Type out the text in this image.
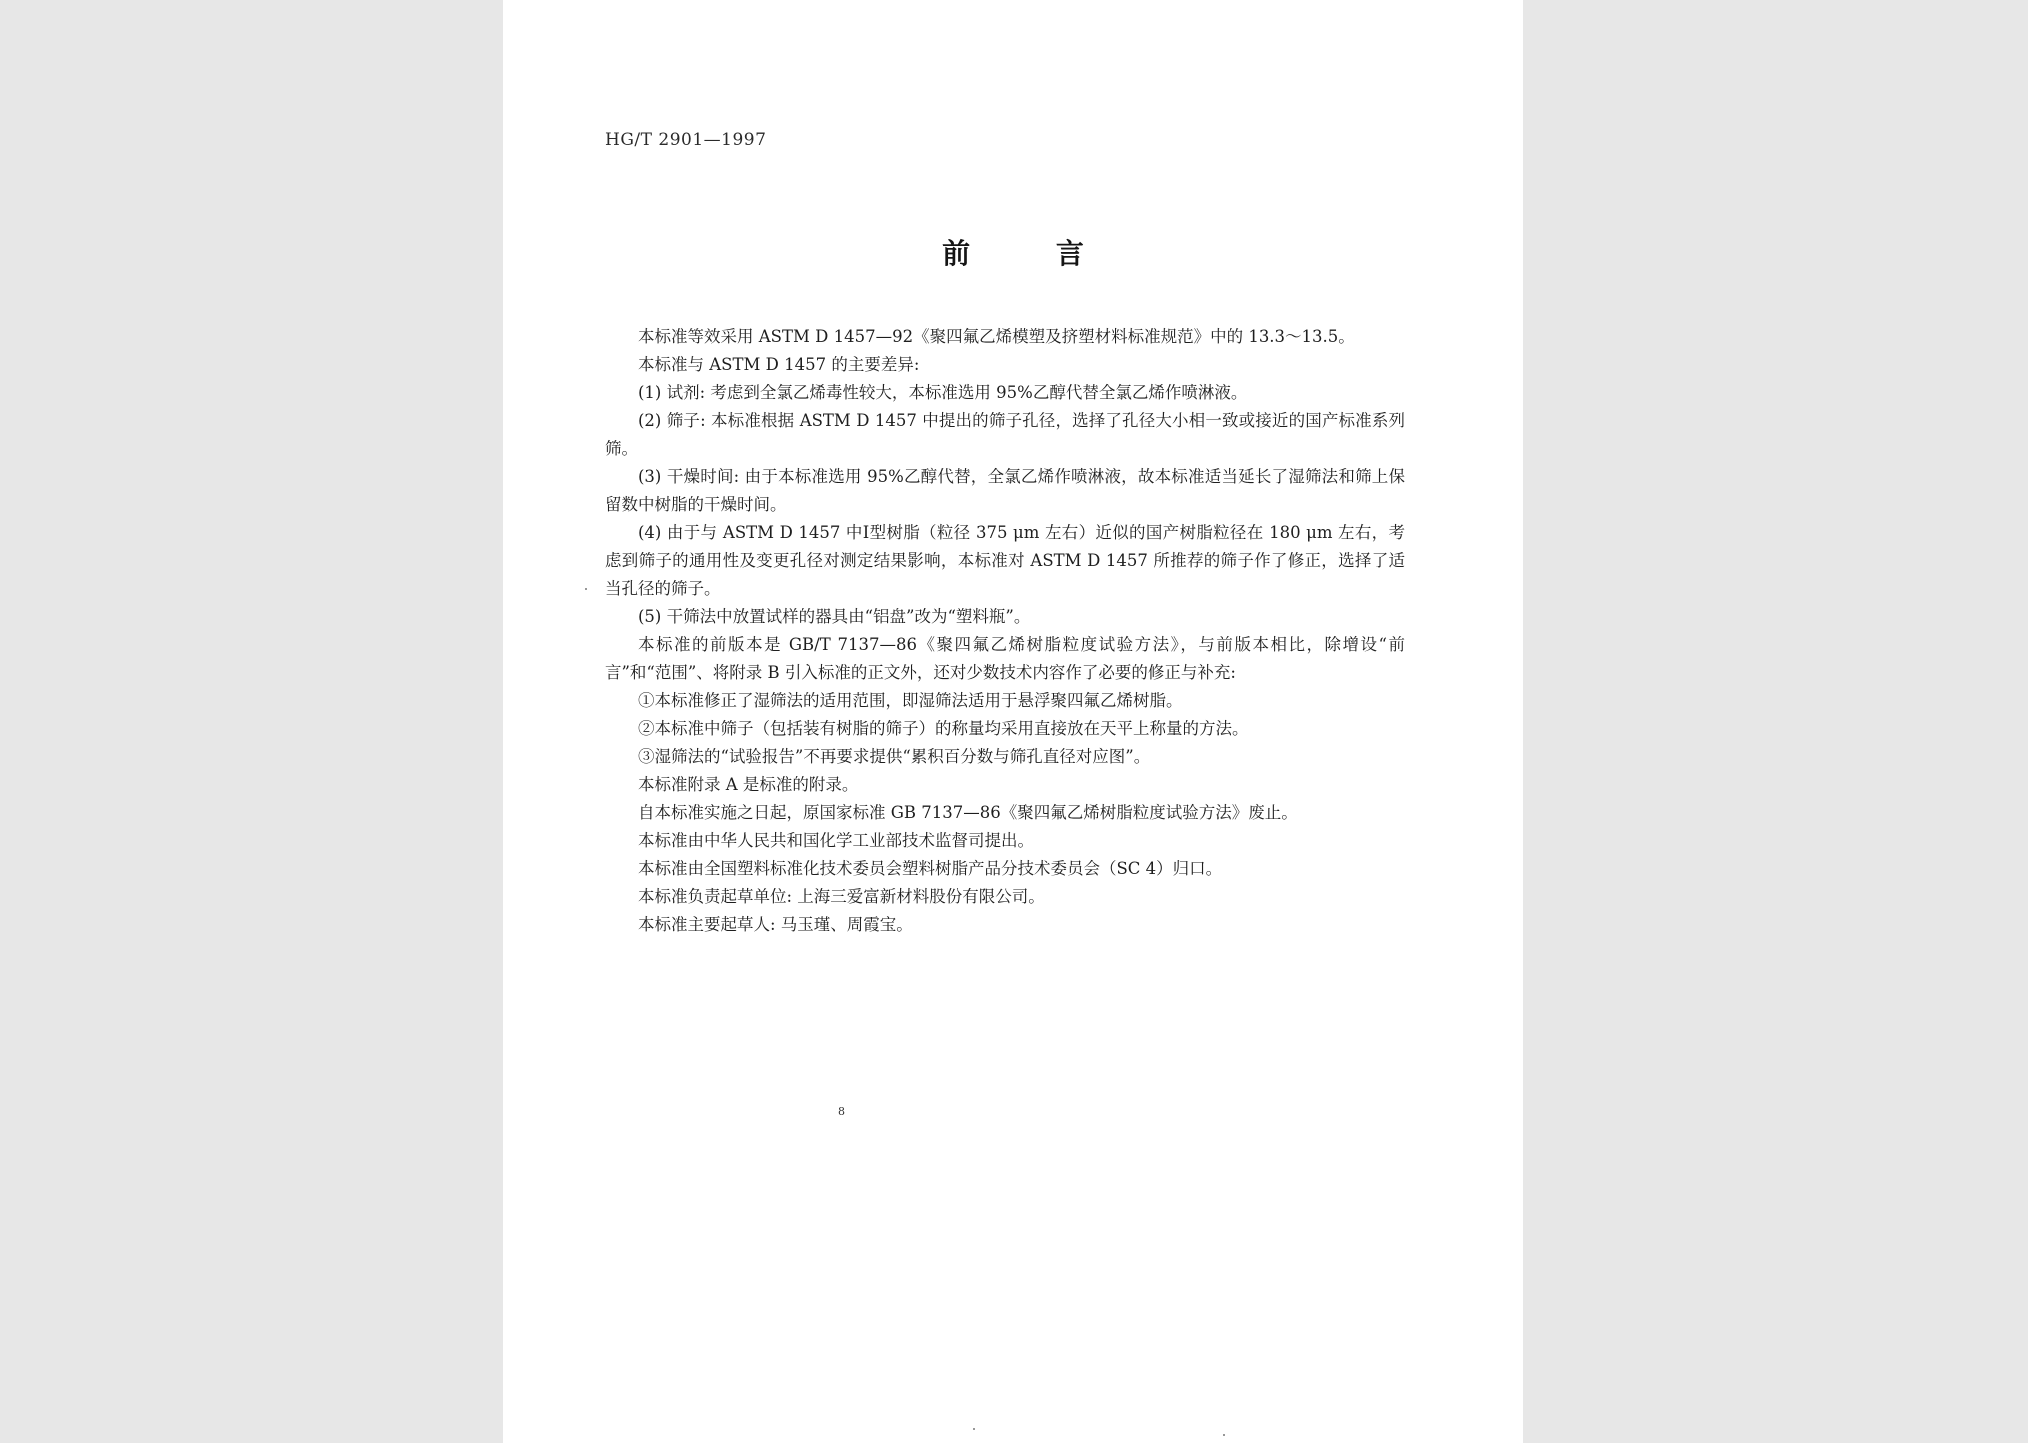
HG/T 2901—1997
前 言

本标准等效采用 ASTM D 1457—92《聚四氟乙烯模塑及挤塑材料标准规范》中的 13.3～13.5。

本标准与 ASTM D 1457 的主要差异:

(1) 试剂: 考虑到全氯乙烯毒性较大，本标准选用 95%乙醇代替全氯乙烯作喷淋液。

(2) 筛子: 本标准根据 ASTM D 1457 中提出的筛子孔径，选择了孔径大小相一致或接近的国产标准系列筛。

(3) 干燥时间: 由于本标准选用 95%乙醇代替，全氯乙烯作喷淋液，故本标准适当延长了湿筛法和筛上保留数中树脂的干燥时间。

(4) 由于与 ASTM D 1457 中Ⅰ型树脂（粒径 375 μm 左右）近似的国产树脂粒径在 180 μm 左右，考虑到筛子的通用性及变更孔径对测定结果影响，本标准对 ASTM D 1457 所推荐的筛子作了修正，选择了适当孔径的筛子。

(5) 干筛法中放置试样的器具由“铝盘”改为“塑料瓶”。

本标准的前版本是 GB/T 7137—86《聚四氟乙烯树脂粒度试验方法》，与前版本相比，除增设“前言”和“范围”、将附录 B 引入标准的正文外，还对少数技术内容作了必要的修正与补充:

①本标准修正了湿筛法的适用范围，即湿筛法适用于悬浮聚四氟乙烯树脂。

②本标准中筛子（包括装有树脂的筛子）的称量均采用直接放在天平上称量的方法。

③湿筛法的“试验报告”不再要求提供“累积百分数与筛孔直径对应图”。

本标准附录 A 是标准的附录。

自本标准实施之日起，原国家标准 GB 7137—86《聚四氟乙烯树脂粒度试验方法》废止。

本标准由中华人民共和国化学工业部技术监督司提出。

本标准由全国塑料标准化技术委员会塑料树脂产品分技术委员会（SC 4）归口。

本标准负责起草单位: 上海三爱富新材料股份有限公司。

本标准主要起草人: 马玉瑾、周霞宝。

8
